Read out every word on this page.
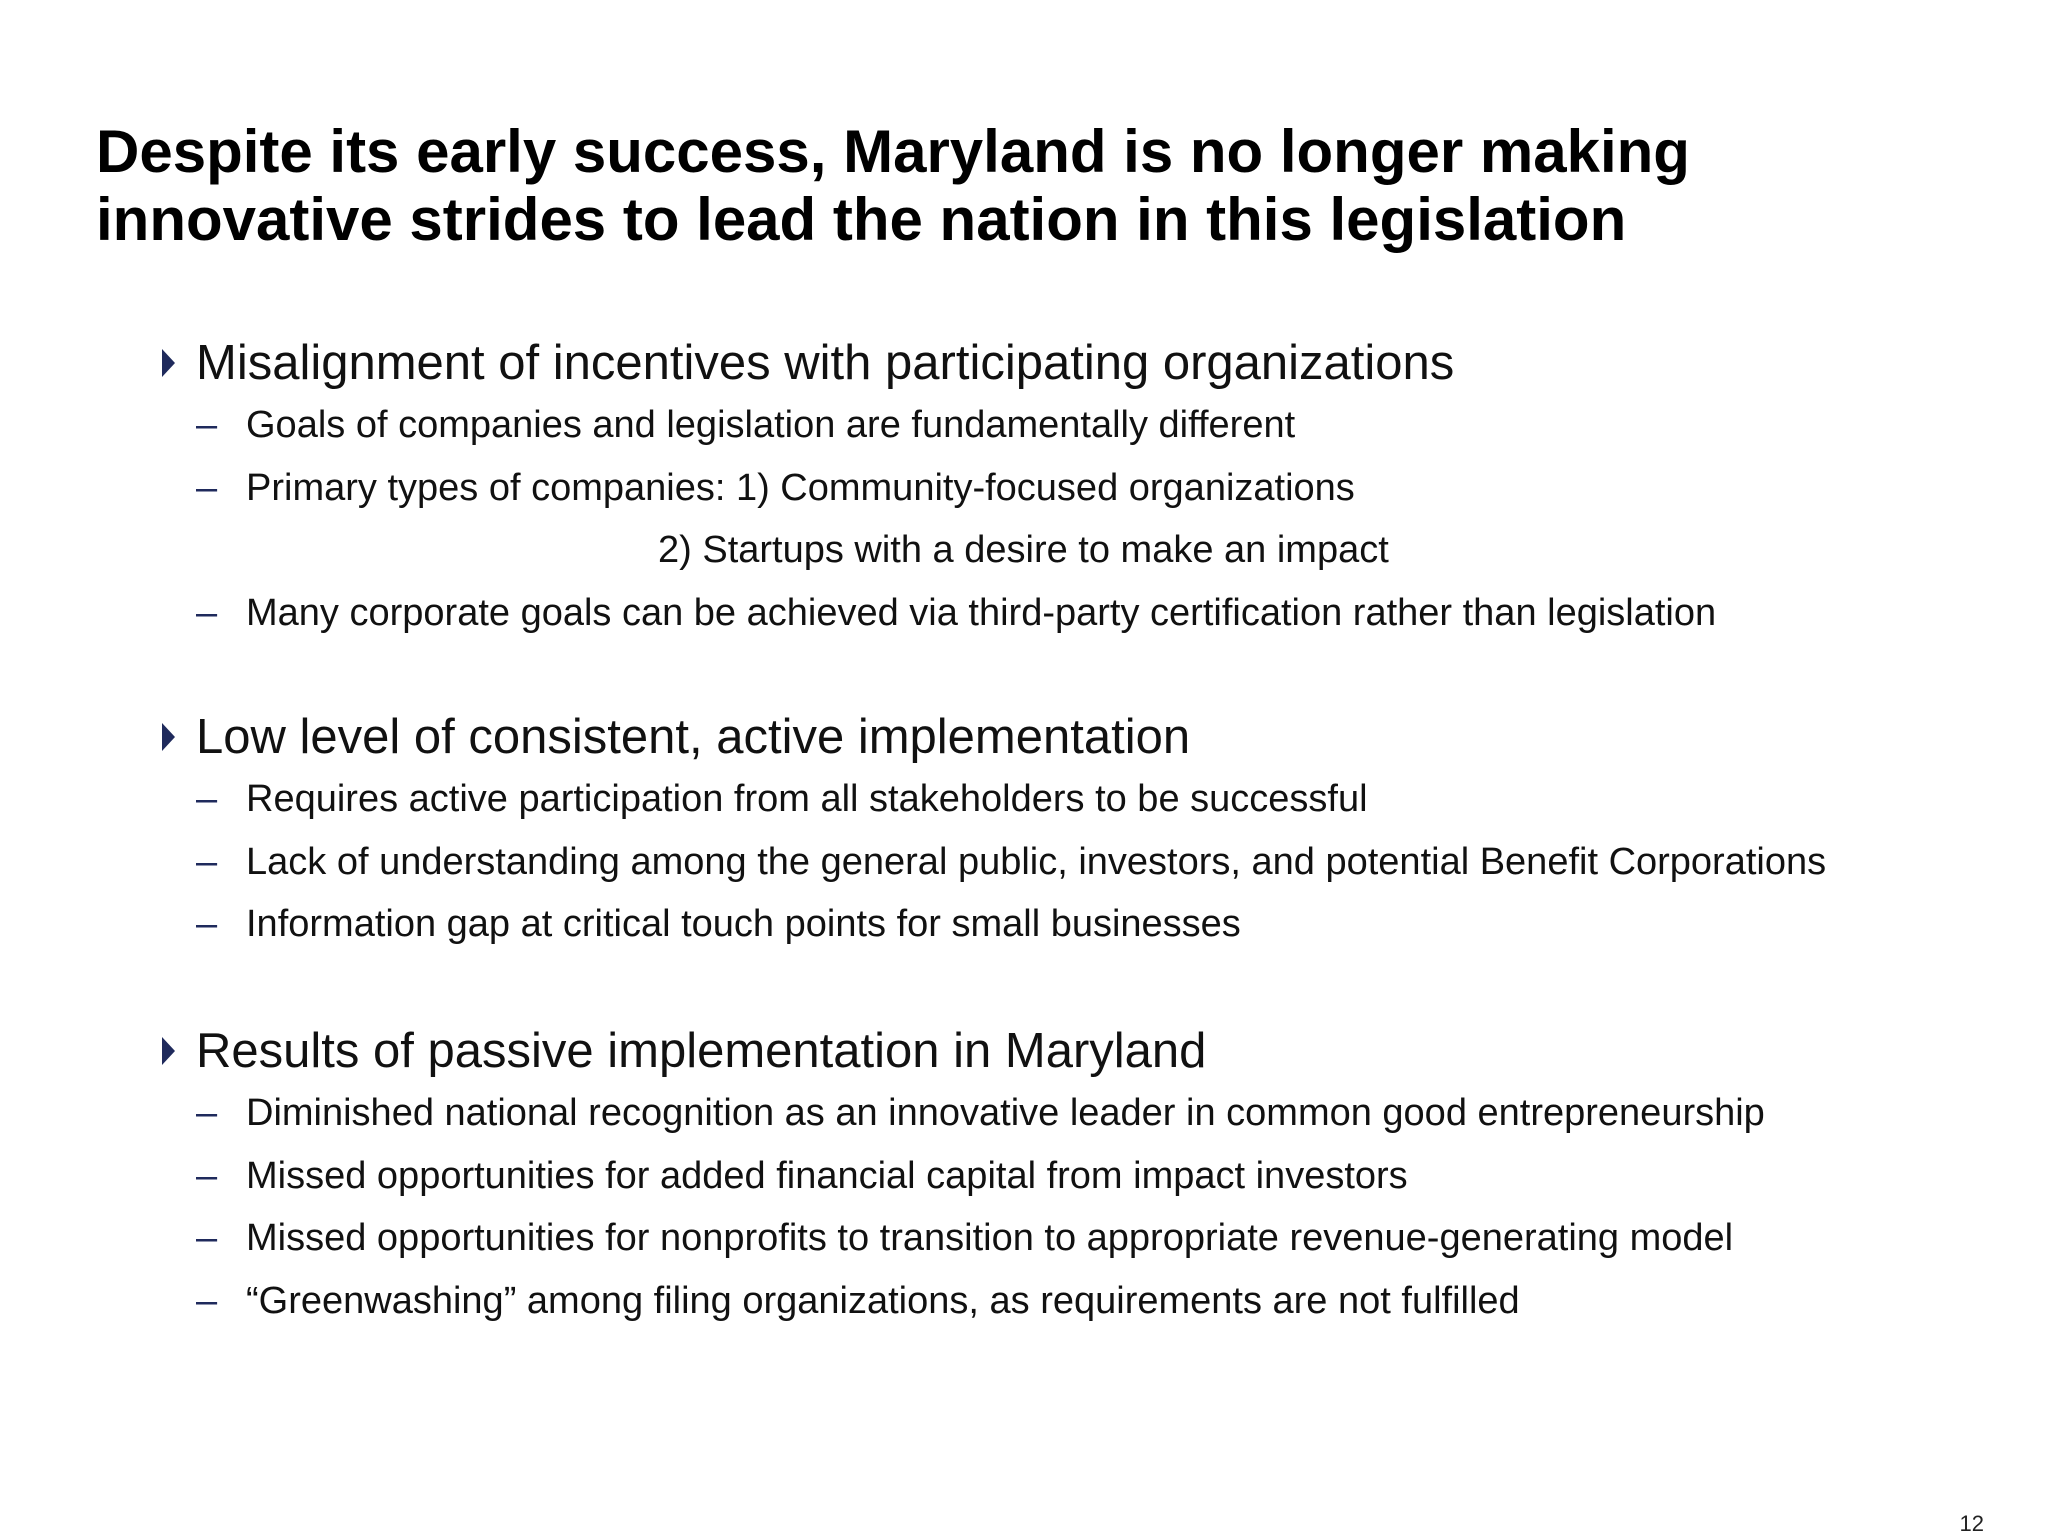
Despite its early success, Maryland is no longer making
innovative strides to lead the nation in this legislation
Misalignment of incentives with participating organizations
– Goals of companies and legislation are fundamentally different
– Primary types of companies: 1) Community-focused organizations
2) Startups with a desire to make an impact
– Many corporate goals can be achieved via third-party certification rather than legislation
Low level of consistent, active implementation
– Requires active participation from all stakeholders to be successful
– Lack of understanding among the general public, investors, and potential Benefit Corporations
– Information gap at critical touch points for small businesses
Results of passive implementation in Maryland
– Diminished national recognition as an innovative leader in common good entrepreneurship
– Missed opportunities for added financial capital from impact investors
– Missed opportunities for nonprofits to transition to appropriate revenue-generating model
– “Greenwashing” among filing organizations, as requirements are not fulfilled
12
